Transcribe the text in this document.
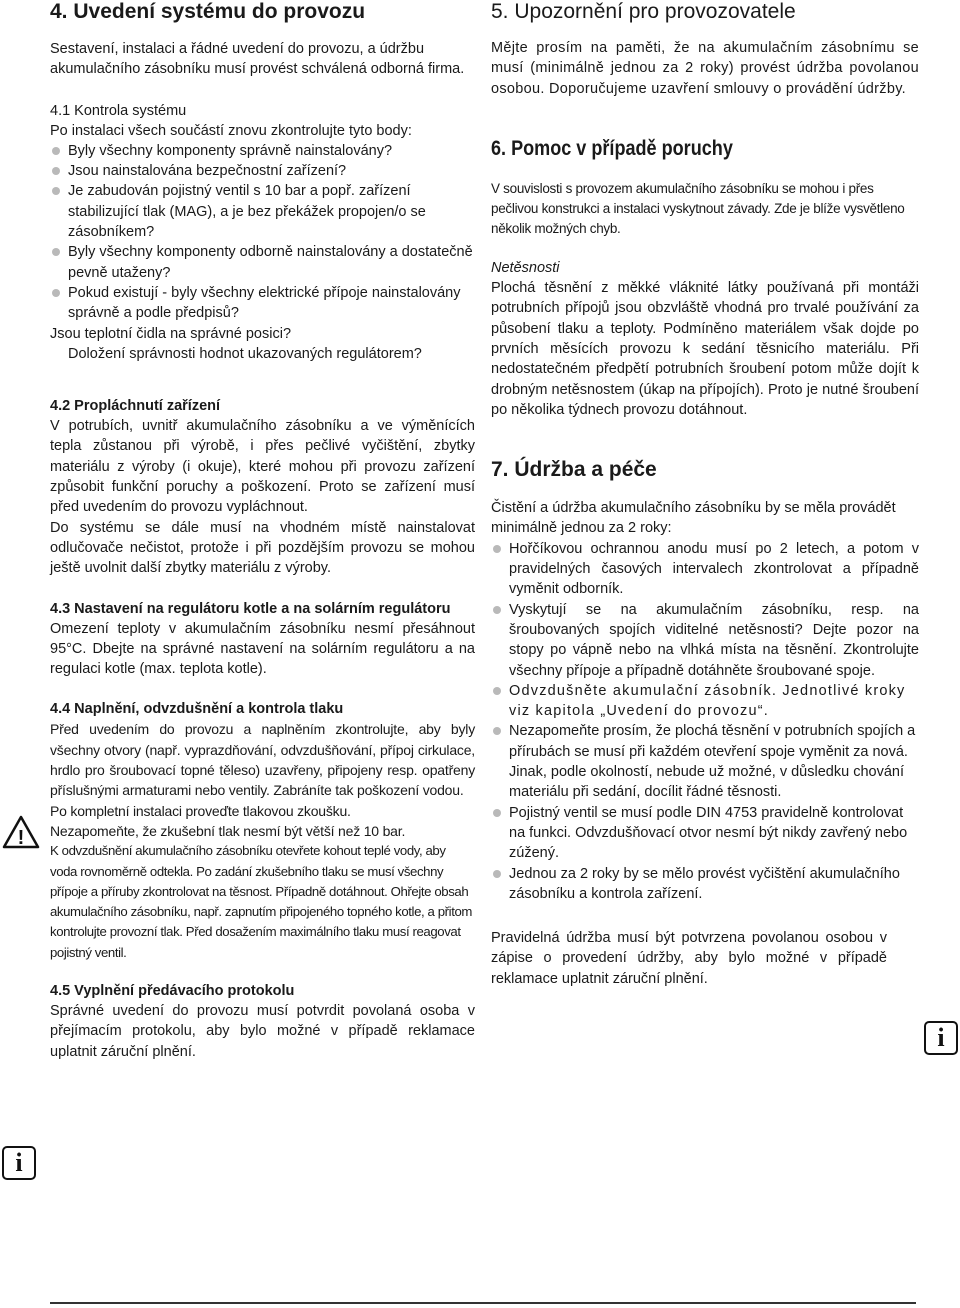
4. Uvedení systému do provozu

Sestavení, instalaci a řádné uvedení do provozu, a údržbu akumulačního zásobníku musí provést schválená odborná firma.

4.1 Kontrola systému

Po instalaci všech součástí znovu zkontrolujte tyto body:

Byly všechny komponenty správně nainstalovány?

Jsou nainstalována bezpečnostní zařízení?

Je zabudován pojistný ventil s 10 bar a popř. zařízení stabilizující tlak (MAG), a je bez překážek propojen/o se zásobníkem?

Byly všechny komponenty odborně nainstalovány a dostatečně pevně utaženy?

Pokud existují - byly všechny elektrické přípoje nainstalovány správně a podle předpisů?

Jsou teplotní čidla na správné posici?

Doložení správnosti hodnot ukazovaných regulátorem?

4.2 Propláchnutí zařízení

V potrubích, uvnitř akumulačního zásobníku a ve výměnících tepla zůstanou při výrobě, i přes pečlivé vyčištění, zbytky materiálu z výroby (i okuje), které mohou při provozu zařízení způsobit funkční poruchy a poškození. Proto se zařízení musí před uvedením do provozu vypláchnout.

Do systému se dále musí na vhodném místě nainstalovat odlučovače nečistot, protože i při pozdějším provozu se mohou ještě uvolnit další zbytky materiálu z výroby.

4.3 Nastavení na regulátoru kotle a na solárním regulátoru

Omezení teploty v akumulačním zásobníku nesmí přesáhnout 95°C. Dbejte na správné nastavení na solárním regulátoru a na regulaci kotle (max. teplota kotle).

4.4 Naplnění, odvzdušnění a kontrola tlaku

Před uvedením do provozu a naplněním zkontrolujte, aby byly všechny otvory (např. vyprazdňování, odvzdušňování, přípoj cirkulace, hrdlo pro šroubovací topné těleso) uzavřeny, připojeny resp. opatřeny příslušnými armaturami nebo ventily. Zabráníte tak poškození vodou.

Po kompletní instalaci proveďte tlakovou zkoušku.

Nezapomeňte, že zkušební tlak nesmí být větší než 10 bar.

K odvzdušnění akumulačního zásobníku otevřete kohout teplé vody, aby voda rovnoměrně odtekla. Po zadání zkušebního tlaku se musí všechny přípoje a příruby zkontrolovat na těsnost. Případně dotáhnout. Ohřejte obsah akumulačního zásobníku, např. zapnutím připojeného topného kotle, a přitom kontrolujte provozní tlak. Před dosažením maximálního tlaku musí reagovat pojistný ventil.

4.5 Vyplnění předávacího protokolu

Správné uvedení do provozu musí potvrdit povolaná osoba v přejímacím protokolu, aby bylo možné v případě reklamace uplatnit záruční plnění.

5. Upozornění pro provozovatele

Mějte prosím na paměti, že na akumulačním zásobnímu se musí (minimálně jednou za 2 roky) provést údržba povolanou osobou. Doporučujeme uzavření smlouvy o provádění údržby.

6. Pomoc v případě poruchy

V souvislosti s provozem akumulačního zásobníku se mohou i přes pečlivou konstrukci a instalaci vyskytnout závady. Zde je blíže vysvětleno několik možných chyb.

Netěsnosti

Plochá těsnění z měkké vláknité látky používaná při montáži potrubních přípojů jsou obzvláště vhodná pro trvalé používání za působení tlaku a teploty. Podmíněno materiálem však dojde po prvních měsících provozu k sedání těsnicího materiálu. Při nedostatečném předpětí potrubních šroubení potom může dojít k drobným netěsnostem (úkap na přípojích). Proto je nutné šroubení po několika týdnech provozu dotáhnout.

7. Údržba a péče

Čistění a údržba akumulačního zásobníku by se měla provádět minimálně jednou za 2 roky:

Hořčíkovou ochrannou anodu musí po 2 letech, a potom v pravidelných časových intervalech zkontrolovat a případně vyměnit odborník.

Vyskytují se na akumulačním zásobníku, resp. na šroubovaných spojích viditelné netěsnosti? Dejte pozor na stopy po vápně nebo na vlhká místa na těsnění. Zkontrolujte všechny přípoje a případně dotáhněte šroubované spoje.

Odvzdušněte akumulační zásobník. Jednotlivé kroky viz kapitola „Uvedení do provozu“.

Nezapomeňte prosím, že plochá těsnění v potrubních spojích a přírubách se musí při každém otevření spoje vyměnit za nová. Jinak, podle okolností, nebude už možné, v důsledku chování materiálu při sedání, docílit řádné těsnosti.

Pojistný ventil se musí podle DIN 4753 pravidelně kontrolovat na funkci. Odvzdušňovací otvor nesmí být nikdy zavřený nebo zúžený.

Jednou za 2 roky by se mělo provést vyčištění akumulačního zásobníku a kontrola zařízení.

Pravidelná údržba musí být potvrzena povolanou osobou v zápise o provedení údržby, aby bylo možné v případě reklamace uplatnit záruční plnění.

!
i
i
